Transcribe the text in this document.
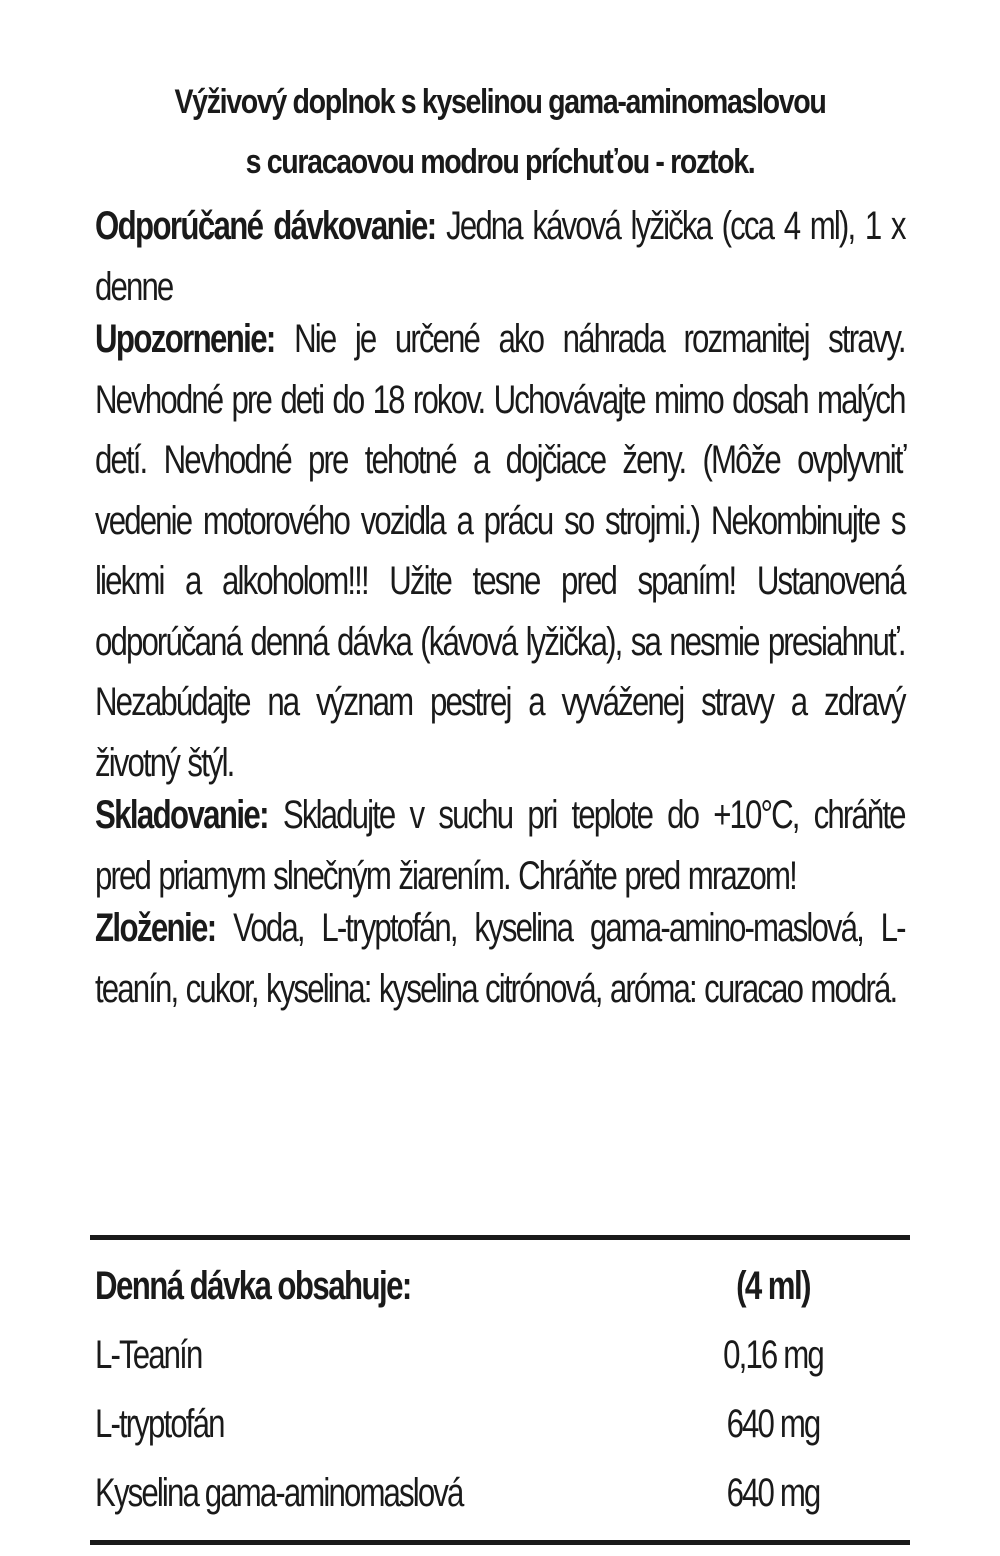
Výživový doplnok s kyselinou gama-aminomaslovou
s curacaovou modrou príchuťou - roztok.
Odporúčané dávkovanie: Jedna kávová lyžička (cca 4 ml), 1 x denne
Upozornenie: Nie je určené ako náhrada rozmanitej stravy. Nevhodné pre deti do 18 rokov. Uchovávajte mimo dosah malých detí. Nevhodné pre tehotné a dojčiace ženy. (Môže ovplyvniť vedenie motorového vozidla a prácu so strojmi.) Nekombinujte s liekmi a alkoholom!!! Užite tesne pred spaním! Ustanovená odporúčaná denná dávka (kávová lyžička), sa nesmie presiahnuť. Nezabúdajte na význam pestrej a vyváženej stravy a zdravý životný štýl.
Skladovanie: Skladujte v suchu pri teplote do +10°C, chráňte pred priamym slnečným žiarením. Chráňte pred mrazom!
Zloženie: Voda, L-tryptofán, kyselina gama-amino-maslová, L-teanín, cukor, kyselina: kyselina citrónová, aróma: curacao modrá.
Denná dávka obsahuje:	(4 ml)
L-Teanín	0,16 mg
L-tryptofán	640 mg
Kyselina gama-aminomaslová	640 mg
